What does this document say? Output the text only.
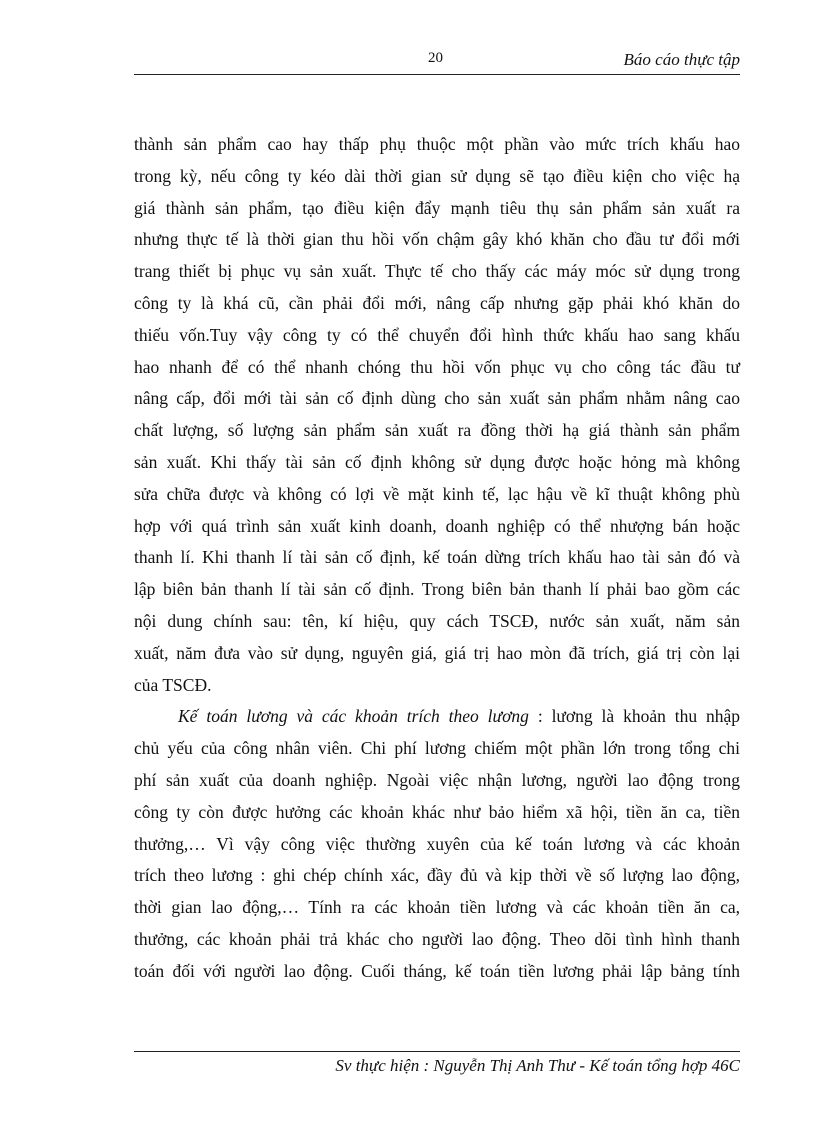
20	Báo cáo thực tập
thành sản phẩm cao hay thấp phụ thuộc một phần vào mức trích khấu hao
trong kỳ, nếu công ty kéo dài thời gian sử dụng sẽ tạo điều kiện cho việc hạ
giá thành sản phẩm, tạo điều kiện đẩy mạnh tiêu thụ sản phẩm sản xuất ra
nhưng thực tế là thời gian thu hồi vốn chậm gây khó khăn cho đầu tư đổi mới
trang thiết bị phục vụ sản xuất. Thực tế cho thấy các máy móc sử dụng trong
công ty là khá cũ, cần phải đổi mới, nâng cấp nhưng gặp phải khó khăn do
thiếu vốn.Tuy vậy công ty có thể chuyển đổi hình thức khấu hao sang khấu
hao nhanh để có thể nhanh chóng thu hồi vốn phục vụ cho công tác đầu tư
nâng cấp, đổi mới tài sản cố định dùng cho sản xuất sản phẩm nhằm nâng cao
chất lượng, số lượng sản phẩm sản xuất ra đồng thời hạ giá thành sản phẩm
sản xuất. Khi thấy tài sản cố định không sử dụng được hoặc hỏng mà không
sửa chữa được và không có lợi về mặt kinh tế, lạc hậu về kĩ thuật không phù
hợp với quá trình sản xuất kinh doanh, doanh nghiệp có thể nhượng bán hoặc
thanh lí. Khi thanh lí tài sản cố định, kế toán dừng trích khấu hao tài sản đó và
lập biên bản thanh lí tài sản cố định. Trong biên bản thanh lí phải bao gồm các
nội dung chính sau: tên, kí hiệu, quy cách TSCĐ, nước sản xuất, năm sản
xuất, năm đưa vào sử dụng, nguyên giá, giá trị hao mòn đã trích, giá trị còn lại
của TSCĐ.
Kế toán lương và các khoản trích theo lương : lương là khoản thu nhập
chủ yếu của công nhân viên. Chi phí lương chiếm một phần lớn trong tổng chi
phí sản xuất của doanh nghiệp. Ngoài việc nhận lương, người lao động trong
công ty còn được hưởng các khoản khác như bảo hiểm xã hội, tiền ăn ca, tiền
thưởng,… Vì vậy công việc thường xuyên của kế toán lương và các khoản
trích theo lương : ghi chép chính xác, đầy đủ và kịp thời về số lượng lao động,
thời gian lao động,… Tính ra các khoản tiền lương và các khoản tiền ăn ca,
thưởng, các khoản phải trả khác cho người lao động. Theo dõi tình hình thanh
toán đối với người lao động. Cuối tháng, kế toán tiền lương phải lập bảng tính
Sv thực hiện : Nguyễn Thị Anh Thư - Kế toán tổng hợp 46C
